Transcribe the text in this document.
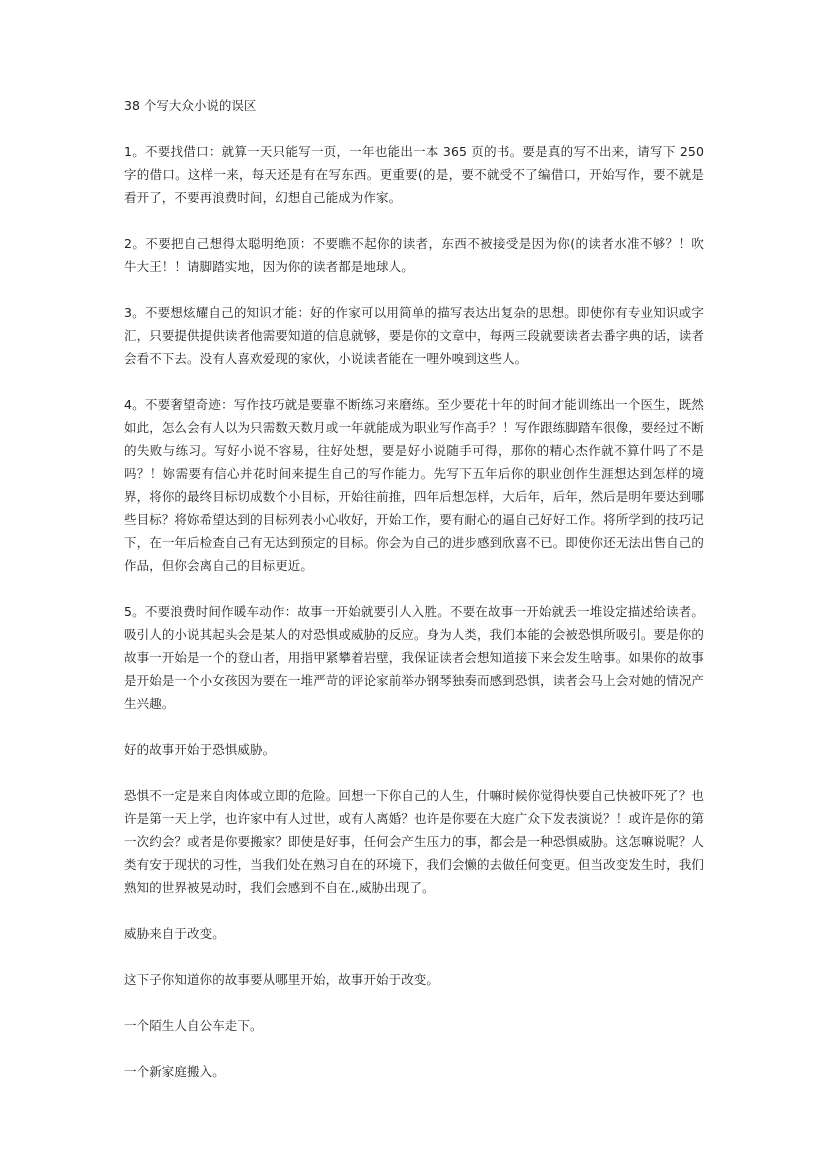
38 个写大众小说的误区

1。不要找借口：就算一天只能写一页，一年也能出一本 365 页的书。要是真的写不出来，请写下 250 字的借口。这样一来，每天还是有在写东西。更重要(的是，要不就受不了编借口，开始写作，要不就是看开了，不要再浪费时间，幻想自己能成为作家。

2。不要把自己想得太聪明绝顶：不要瞧不起你的读者，东西不被接受是因为你(的读者水准不够？！吹牛大王！！请脚踏实地，因为你的读者都是地球人。

3。不要想炫耀自己的知识才能：好的作家可以用简单的描写表达出复杂的思想。即使你有专业知识或字汇，只要提供提供读者他需要知道的信息就够，要是你的文章中，每两三段就要读者去番字典的话，读者会看不下去。没有人喜欢爱现的家伙，小说读者能在一哩外嗅到这些人。

4。不要奢望奇迹：写作技巧就是要靠不断练习来磨练。至少要花十年的时间才能训练出一个医生，既然如此，怎么会有人以为只需数天数月或一年就能成为职业写作高手？！写作跟练脚踏车很像，要经过不断的失败与练习。写好小说不容易，往好处想，要是好小说随手可得，那你的精心杰作就不算什吗了不是吗？！妳需要有信心并花时间来提生自己的写作能力。先写下五年后你的职业创作生涯想达到怎样的境界，将你的最终目标切成数个小目标，开始往前推，四年后想怎样，大后年，后年，然后是明年要达到哪些目标？将妳希望达到的目标列表小心收好，开始工作，要有耐心的逼自己好好工作。将所学到的技巧记下，在一年后检查自己有无达到预定的目标。你会为自己的进步感到欣喜不已。即使你还无法出售自己的作品，但你会离自己的目标更近。

5。不要浪费时间作暖车动作：故事一开始就要引人入胜。不要在故事一开始就丢一堆设定描述给读者。吸引人的小说其起头会是某人的对恐惧或威胁的反应。身为人类，我们本能的会被恐惧所吸引。要是你的故事一开始是一个的登山者，用指甲紧攀着岩壁，我保证读者会想知道接下来会发生啥事。如果你的故事是开始是一个小女孩因为要在一堆严苛的评论家前举办钢琴独奏而感到恐惧，读者会马上会对她的情况产生兴趣。

好的故事开始于恐惧威胁。

恐惧不一定是来自肉体或立即的危险。回想一下你自己的人生，什嘛时候你觉得快要自己快被吓死了？也许是第一天上学，也许家中有人过世，或有人离婚？也许是你要在大庭广众下发表演说？！或许是你的第一次约会？或者是你要搬家？即使是好事，任何会产生压力的事，都会是一种恐惧威胁。这怎嘛说呢？人类有安于现状的习性，当我们处在熟习自在的环境下，我们会懒的去做任何变更。但当改变发生时，我们熟知的世界被晃动时，我们会感到不自在.,威胁出现了。

威胁来自于改变。

这下子你知道你的故事要从哪里开始，故事开始于改变。

一个陌生人自公车走下。

一个新家庭搬入。
